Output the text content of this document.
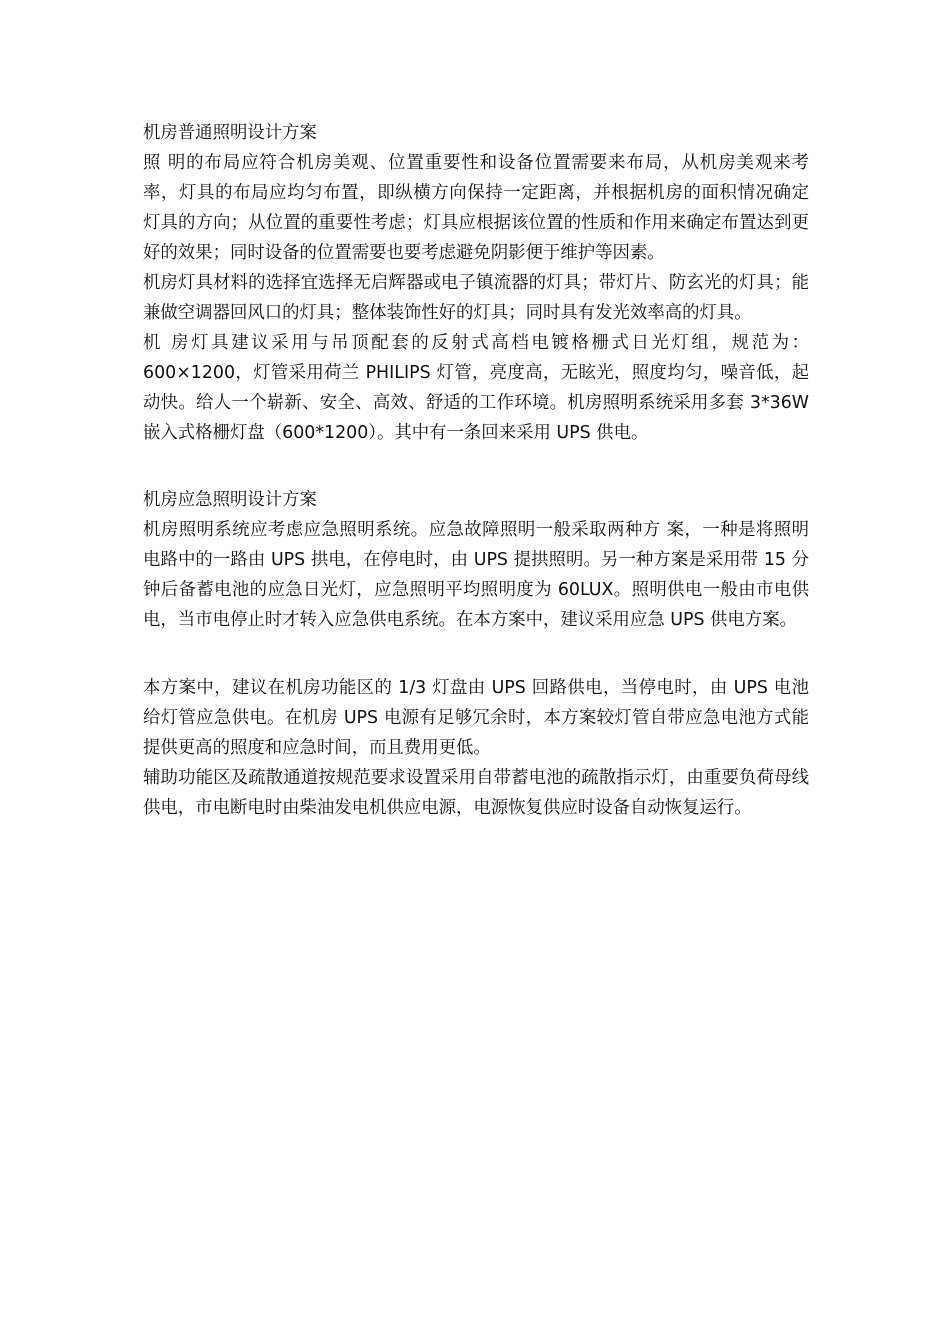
机房普通照明设计方案

照 明的布局应符合机房美观、位置重要性和设备位置需要来布局，从机房美观来考率，灯具的布局应均匀布置，即纵横方向保持一定距离，并根据机房的面积情况确定 灯具的方向；从位置的重要性考虑；灯具应根据该位置的性质和作用来确定布置达到更好的效果；同时设备的位置需要也要考虑避免阴影便于维护等因素。

机房灯具材料的选择宜选择无启辉器或电子镇流器的灯具；带灯片、防玄光的灯具；能兼做空调器回风口的灯具；整体装饰性好的灯具；同时具有发光效率高的灯具。

机 房灯具建议采用与吊顶配套的反射式高档电镀格栅式日光灯组，规范为：600×1200，灯管采用荷兰 PHILIPS 灯管，亮度高，无眩光，照度均匀，噪音低，起动快。给人一个崭新、安全、高效、舒适的工作环境。机房照明系统采用多套 3*36W 嵌入式格栅灯盘（600*1200）。其中有一条回来采用 UPS 供电。

机房应急照明设计方案

机房照明系统应考虑应急照明系统。应急故障照明一般采取两种方 案，一种是将照明电路中的一路由 UPS 拱电，在停电时，由 UPS 提拱照明。另一种方案是采用带 15 分钟后备蓄电池的应急日光灯，应急照明平均照明度为 60LUX。照明供电一般由市电供电，当市电停止时才转入应急供电系统。在本方案中，建议采用应急 UPS 供电方案。

本方案中，建议在机房功能区的 1/3 灯盘由 UPS 回路供电，当停电时，由 UPS 电池给灯管应急供电。在机房 UPS 电源有足够冗余时，本方案较灯管自带应急电池方式能提供更高的照度和应急时间，而且费用更低。

辅助功能区及疏散通道按规范要求设置采用自带蓄电池的疏散指示灯，由重要负荷母线供电，市电断电时由柴油发电机供应电源，电源恢复供应时设备自动恢复运行。
